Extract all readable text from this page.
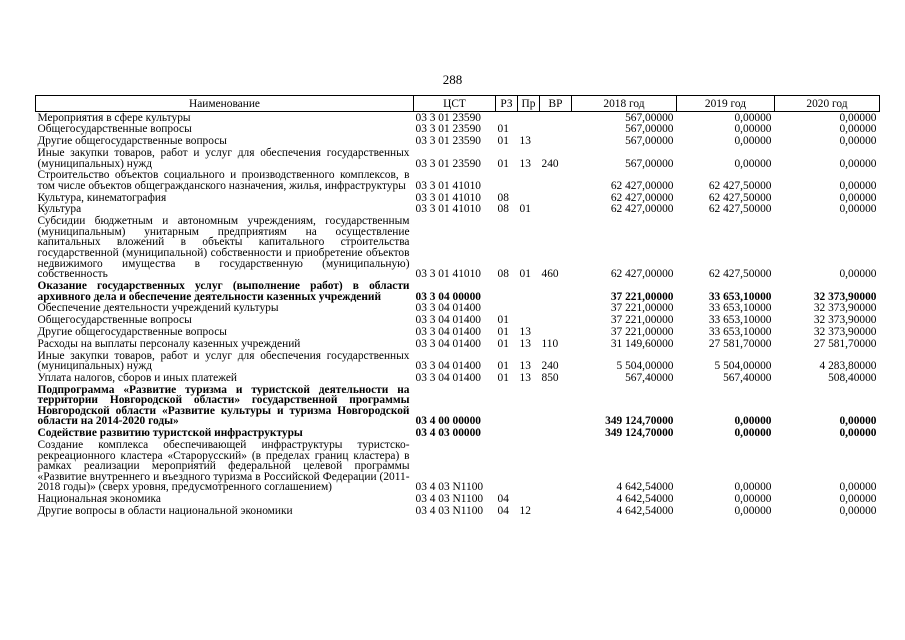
288
Наименование	ЦСТ	РЗ	Пр	ВР	2018 год	2019 год	2020 год
Мероприятия в сфере культуры	03 3 01 23590				567,00000	0,00000	0,00000
Общегосударственные вопросы	03 3 01 23590	01			567,00000	0,00000	0,00000
Другие общегосударственные вопросы	03 3 01 23590	01	13		567,00000	0,00000	0,00000
Иные закупки товаров, работ и услуг для обеспечения государственных (муниципальных) нужд	03 3 01 23590	01	13	240	567,00000	0,00000	0,00000
Строительство объектов социального и производственного комплексов, в том числе объектов общегражданского назначения, жилья, инфраструктуры	03 3 01 41010				62 427,00000	62 427,50000	0,00000
Культура, кинематография	03 3 01 41010	08			62 427,00000	62 427,50000	0,00000
Культура	03 3 01 41010	08	01		62 427,00000	62 427,50000	0,00000
Субсидии бюджетным и автономным учреждениям, государственным (муниципальным) унитарным предприятиям на осуществление капитальных вложений в объекты капитального строительства государственной (муниципальной) собственности и приобретение объектов недвижимого имущества в государственную (муниципальную) собственность	03 3 01 41010	08	01	460	62 427,00000	62 427,50000	0,00000
Оказание государственных услуг (выполнение работ) в области архивного дела и обеспечение деятельности казенных учреждений	03 3 04 00000				37 221,00000	33 653,10000	32 373,90000
Обеспечение деятельности учреждений культуры	03 3 04 01400				37 221,00000	33 653,10000	32 373,90000
Общегосударственные вопросы	03 3 04 01400	01			37 221,00000	33 653,10000	32 373,90000
Другие общегосударственные вопросы	03 3 04 01400	01	13		37 221,00000	33 653,10000	32 373,90000
Расходы на выплаты персоналу казенных учреждений	03 3 04 01400	01	13	110	31 149,60000	27 581,70000	27 581,70000
Иные закупки товаров, работ и услуг для обеспечения государственных (муниципальных) нужд	03 3 04 01400	01	13	240	5 504,00000	5 504,00000	4 283,80000
Уплата налогов, сборов и иных платежей	03 3 04 01400	01	13	850	567,40000	567,40000	508,40000
Подпрограмма «Развитие туризма и туристской деятельности на территории Новгородской области» государственной программы Новгородской области «Развитие культуры и туризма Новгородской области на 2014-2020 годы»	03 4 00 00000				349 124,70000	0,00000	0,00000
Содействие развитию туристской инфраструктуры	03 4 03 00000				349 124,70000	0,00000	0,00000
Создание комплекса обеспечивающей инфраструктуры туристско-рекреационного кластера «Старорусский» (в пределах границ кластера) в рамках реализации мероприятий федеральной целевой программы «Развитие внутреннего и въездного туризма в Российской Федерации (2011-2018 годы)» (сверх уровня, предусмотренного соглашением)	03 4 03 N1100				4 642,54000	0,00000	0,00000
Национальная экономика	03 4 03 N1100	04			4 642,54000	0,00000	0,00000
Другие вопросы в области национальной экономики	03 4 03 N1100	04	12		4 642,54000	0,00000	0,00000
